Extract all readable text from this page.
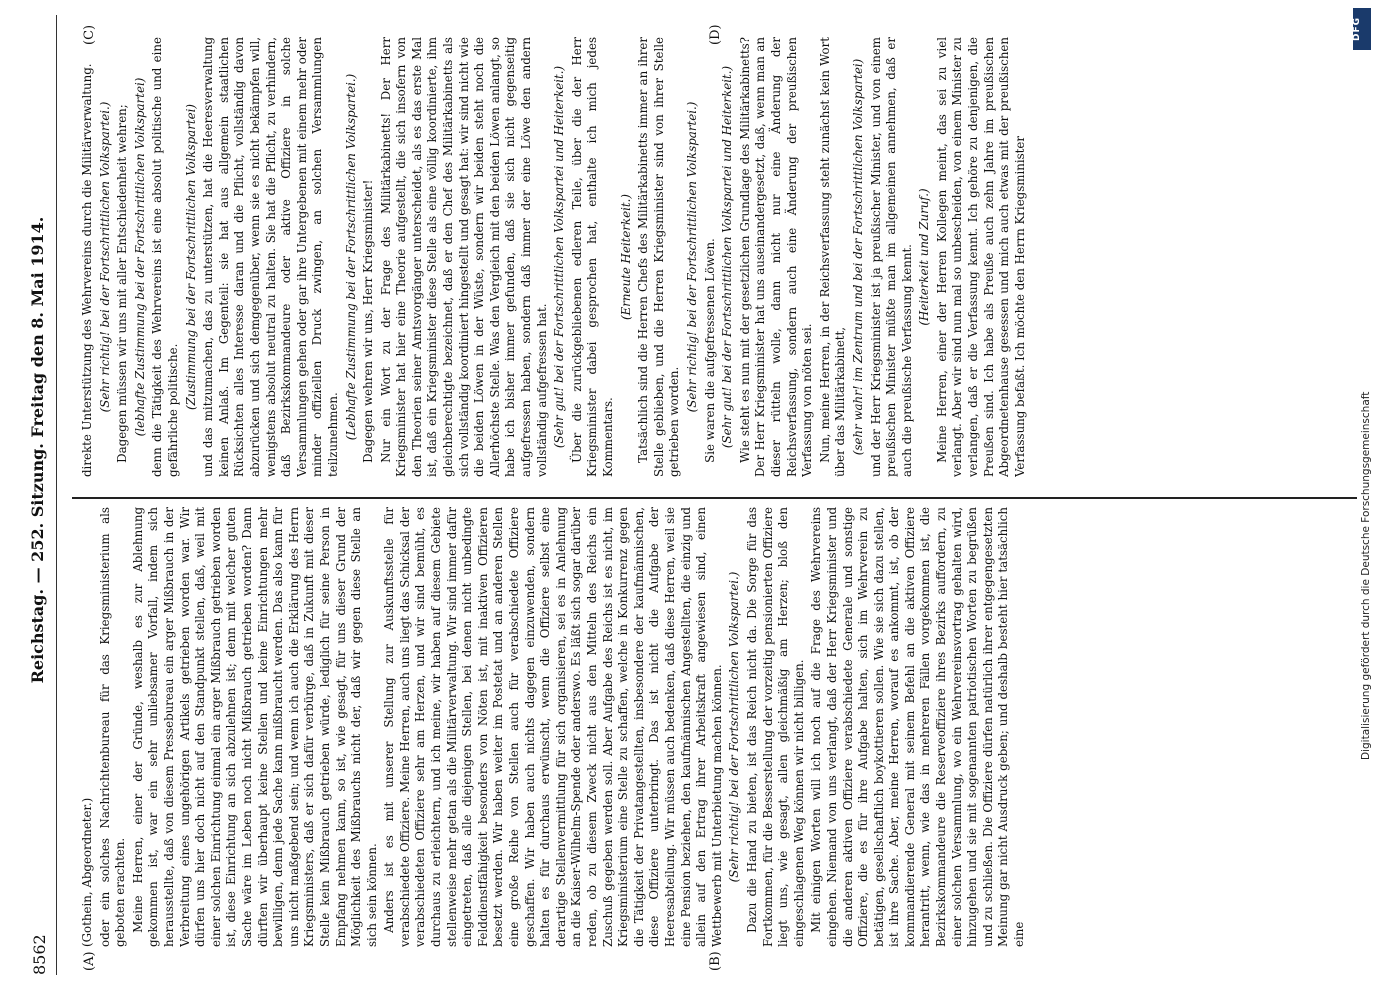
8562
Reichstag. — 252. Sitzung. Freitag den 8. Mai 1914.
(A)	(B)
(C)	(D)

(Gothein, Abgeordneter.) oder ein solches Nachrichtenbureau für das Kriegsministerium als geboten erachten. Meine Herren, einer der Gründe, weshalb es zur Ablehnung gekommen ist, war ein sehr unliebsamer Vorfall, indem sich herausstellte, daß von diesem Pressebureau ein arger Mißbrauch in der Verbreitung eines ungehörigen Artikels getrieben worden war. Wir dürfen uns hier doch nicht auf den Standpunkt stellen, daß, weil mit einer solchen Einrichtung einmal ein arger Mißbrauch getrieben worden ist, diese Einrichtung an sich abzulehnen ist; denn mit welcher guten Sache wäre im Leben noch nicht Mißbrauch getrieben worden? Dann dürften wir überhaupt keine Stellen und keine Einrichtungen mehr bewilligen, denn jede Sache kann mißbraucht werden. Das also kann für uns nicht maßgebend sein; und wenn ich auch die Erklärung des Herrn Kriegsministers, daß er sich dafür verbürge, daß in Zukunft mit dieser Stelle kein Mißbrauch getrieben würde, lediglich für seine Person in Empfang nehmen kann, so ist, wie gesagt, für uns dieser Grund der Möglichkeit des Mißbrauchs nicht der, daß wir gegen diese Stelle an sich sein können. Anders ist es mit unserer Stellung zur Auskunftsstelle für verabschiedete Offiziere. Meine Herren, auch uns liegt das Schicksal der verabschiedeten Offiziere sehr am Herzen, und wir sind bemüht, es durchaus zu erleichtern, und ich meine, wir haben auf diesem Gebiete stellenweise mehr getan als die Militärverwaltung. Wir sind immer dafür eingetreten, daß alle diejenigen Stellen, bei denen nicht unbedingte Felddienstfähigkeit besonders von Nöten ist, mit inaktiven Offizieren besetzt werden. Wir haben weiter im Postetat und an anderen Stellen eine große Reihe von Stellen auch für verabschiedete Offiziere geschaffen. Wir haben auch nichts dagegen einzuwenden, sondern halten es für durchaus erwünscht, wenn die Offiziere selbst eine derartige Stellenvermittlung für sich organisieren, sei es in Anlehnung an die Kaiser-Wilhelm-Spende oder anderswo. Es läßt sich sogar darüber reden, ob zu diesem Zweck nicht aus den Mitteln des Reichs ein Zuschuß gegeben werden soll. Aber Aufgabe des Reichs ist es nicht, im Kriegsministerium eine Stelle zu schaffen, welche in Konkurrenz gegen die Tätigkeit der Privatangestellten, insbesondere der kaufmännischen, diese Offiziere unterbringt. Das ist nicht die Aufgabe der Heeresabteilung. Wir müssen auch bedenken, daß diese Herren, weil sie eine Pension beziehen, den kaufmännischen Angestellten, die einzig und allein auf den Ertrag ihrer Arbeitskraft angewiesen sind, einen Wettbewerb mit Unterbietung machen können. (Sehr richtig! bei der Fortschrittlichen Volkspartei.) Dazu die Hand zu bieten, ist das Reich nicht da. Die Sorge für das Fortkommen, für die Besserstellung der vorzeitig pensionierten Offiziere liegt uns, wie gesagt, allen gleichmäßig am Herzen; bloß den eingeschlagenen Weg können wir nicht billigen. Mit einigen Worten will ich noch auf die Frage des Wehrvereins eingehen. Niemand von uns verlangt, daß der Herr Kriegsminister und die anderen aktiven Offiziere verabschiedete Generale und sonstige Offiziere, die es für ihre Aufgabe halten, sich im Wehrverein zu betätigen, gesellschaftlich boykottieren sollen. Wie sie sich dazu stellen, ist ihre Sache. Aber, meine Herren, worauf es ankommt, ist, ob der kommandierende General mit seinem Befehl an die aktiven Offiziere herantritt, wenn, wie das in mehreren Fällen vorgekommen ist, die Bezirkskommandeure die Reserveoffiziere ihres Bezirks auffordern, zu einer solchen Versammlung, wo ein Wehrvereinsvortrag gehalten wird, hinzugehen und sie mit sogenannten patriotischen Worten zu begrüßen und zu schließen. Die Offiziere dürfen natürlich ihrer entgegengesetzten Meinung gar nicht Ausdruck geben; und deshalb besteht hier tatsächlich eine

direkte Unterstützung des Wehrvereins durch die Militärverwaltung. (Sehr richtig! bei der Fortschrittlichen Volkspartei.) Dagegen müssen wir uns mit aller Entschiedenheit wehren; (lebhafte Zustimmung bei der Fortschrittlichen Volkspartei) denn die Tätigkeit des Wehrvereins ist eine absolut politische und eine gefährliche politische.

(Zustimmung bei der Fortschrittlichen Volkspartei) und das mitzumachen, das zu unterstützen, hat die Heeresverwaltung keinen Anlaß. Im Gegenteil: sie hat aus allgemein staatlichen Rücksichten alles Interesse daran und die Pflicht, vollständig davon abzurücken und sich demgegenüber, wenn sie es nicht bekämpfen will, wenigstens absolut neutral zu halten. Sie hat die Pflicht, zu verhindern, daß Bezirkskommandeure oder aktive Offiziere in solche Versammlungen gehen oder gar ihre Untergebenen mit einem mehr oder minder offiziellen Druck zwingen, an solchen Versammlungen teilzunehmen. (Lebhafte Zustimmung bei der Fortschrittlichen Volkspartei.) Dagegen wehren wir uns, Herr Kriegsminister! Nur ein Wort zu der Frage des Militärkabinetts! Der Herr Kriegsminister hat hier eine Theorie aufgestellt, die sich insofern von den Theorien seiner Amtsvorgänger unterscheidet, als es das erste Mal ist, daß ein Kriegsminister diese Stelle als eine völlig koordinierte, ihm gleichberechtigte bezeichnet, daß er den Chef des Militärkabinetts als sich vollständig koordiniert hingestellt und gesagt hat: wir sind nicht wie die beiden Löwen in der Wüste, sondern wir beiden steht noch die Allerhöchste Stelle. Was den Vergleich mit den beiden Löwen anlangt, so habe ich bisher immer gefunden, daß sie sich nicht gegenseitig aufgefressen haben, sondern daß immer der eine Löwe den andern vollständig aufgefressen hat. (Sehr gut! bei der Fortschrittlichen Volkspartei und Heiterkeit.) Über die zurückgebliebenen edleren Teile, über die der Herr Kriegsminister dabei gesprochen hat, enthalte ich mich jedes Kommentars.

(Erneute Heiterkeit.) Tatsächlich sind die Herren Chefs des Militärkabinetts immer an ihrer Stelle geblieben, und die Herren Kriegsminister sind von ihrer Stelle getrieben worden.

(Sehr richtig! bei der Fortschrittlichen Volkspartei.) Sie waren die aufgefressenen Löwen. (Sehr gut! bei der Fortschrittlichen Volkspartei und Heiterkeit.) Wie steht es nun mit der gesetzlichen Grundlage des Militärkabinetts? Der Herr Kriegsminister hat uns auseinandergesetzt, daß, wenn man an dieser rütteln wolle, dann nicht nur eine Änderung der Reichsverfassung, sondern auch eine Änderung der preußischen Verfassung von nöten sei. Nun, meine Herren, in der Reichsverfassung steht zunächst kein Wort über das Militärkabinett, (sehr wahr! im Zentrum und bei der Fortschrittlichen Volkspartei) und der Herr Kriegsminister ist ja preußischer Minister, und von einem preußischen Minister müßte man im allgemeinen annehmen, daß er auch die preußische Verfassung kennt. (Heiterkeit und Zuruf.) Meine Herren, einer der Herren Kollegen meint, das sei zu viel verlangt. Aber wir sind nun mal so unbescheiden, von einem Minister zu verlangen, daß er die Verfassung kennt. Ich gehöre zu denjenigen, die Preußen sind. Ich habe als Preuße auch zehn Jahre im preußischen Abgeordnetenhause gesessen und mich auch etwas mit der preußischen Verfassung befaßt. Ich möchte den Herrn Kriegsminister

DFG
Digitalisierung gefördert durch die Deutsche Forschungsgemeinschaft
